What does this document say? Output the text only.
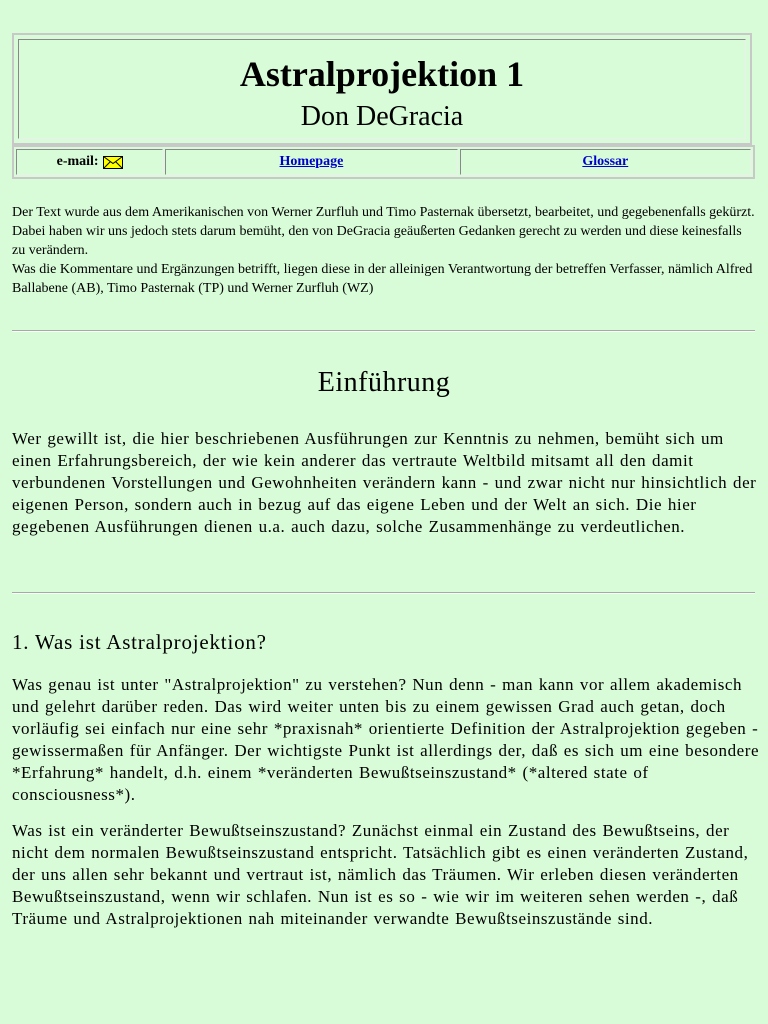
Astralprojektion 1
Don DeGracia
e-mail:	Homepage	Glossar
Der Text wurde aus dem Amerikanischen von Werner Zurfluh und Timo Pasternak übersetzt, bearbeitet, und gegebenenfalls gekürzt. Dabei haben wir uns jedoch stets darum bemüht, den von DeGracia geäußerten Gedanken gerecht zu werden und diese keinesfalls zu verändern.
Was die Kommentare und Ergänzungen betrifft, liegen diese in der alleinigen Verantwortung der betreffen Verfasser, nämlich Alfred Ballabene (AB), Timo Pasternak (TP) und Werner Zurfluh (WZ)
Einführung
Wer gewillt ist, die hier beschriebenen Ausführungen zur Kenntnis zu nehmen, bemüht sich um einen Erfahrungsbereich, der wie kein anderer das vertraute Weltbild mitsamt all den damit verbundenen Vorstellungen und Gewohnheiten verändern kann - und zwar nicht nur hinsichtlich der eigenen Person, sondern auch in bezug auf das eigene Leben und der Welt an sich. Die hier gegebenen Ausführungen dienen u.a. auch dazu, solche Zusammenhänge zu verdeutlichen.
1. Was ist Astralprojektion?
Was genau ist unter "Astralprojektion" zu verstehen? Nun denn - man kann vor allem akademisch und gelehrt darüber reden. Das wird weiter unten bis zu einem gewissen Grad auch getan, doch vorläufig sei einfach nur eine sehr *praxisnah* orientierte Definition der Astralprojektion gegeben - gewissermaßen für Anfänger. Der wichtigste Punkt ist allerdings der, daß es sich um eine besondere *Erfahrung* handelt, d.h. einem *veränderten Bewußtseinszustand* (*altered state of consciousness*).
Was ist ein veränderter Bewußtseinszustand? Zunächst einmal ein Zustand des Bewußtseins, der nicht dem normalen Bewußtseinszustand entspricht. Tatsächlich gibt es einen veränderten Zustand, der uns allen sehr bekannt und vertraut ist, nämlich das Träumen. Wir erleben diesen veränderten Bewußtseinszustand, wenn wir schlafen. Nun ist es so - wie wir im weiteren sehen werden -, daß Träume und Astralprojektionen nah miteinander verwandte Bewußtseinszustände sind.
